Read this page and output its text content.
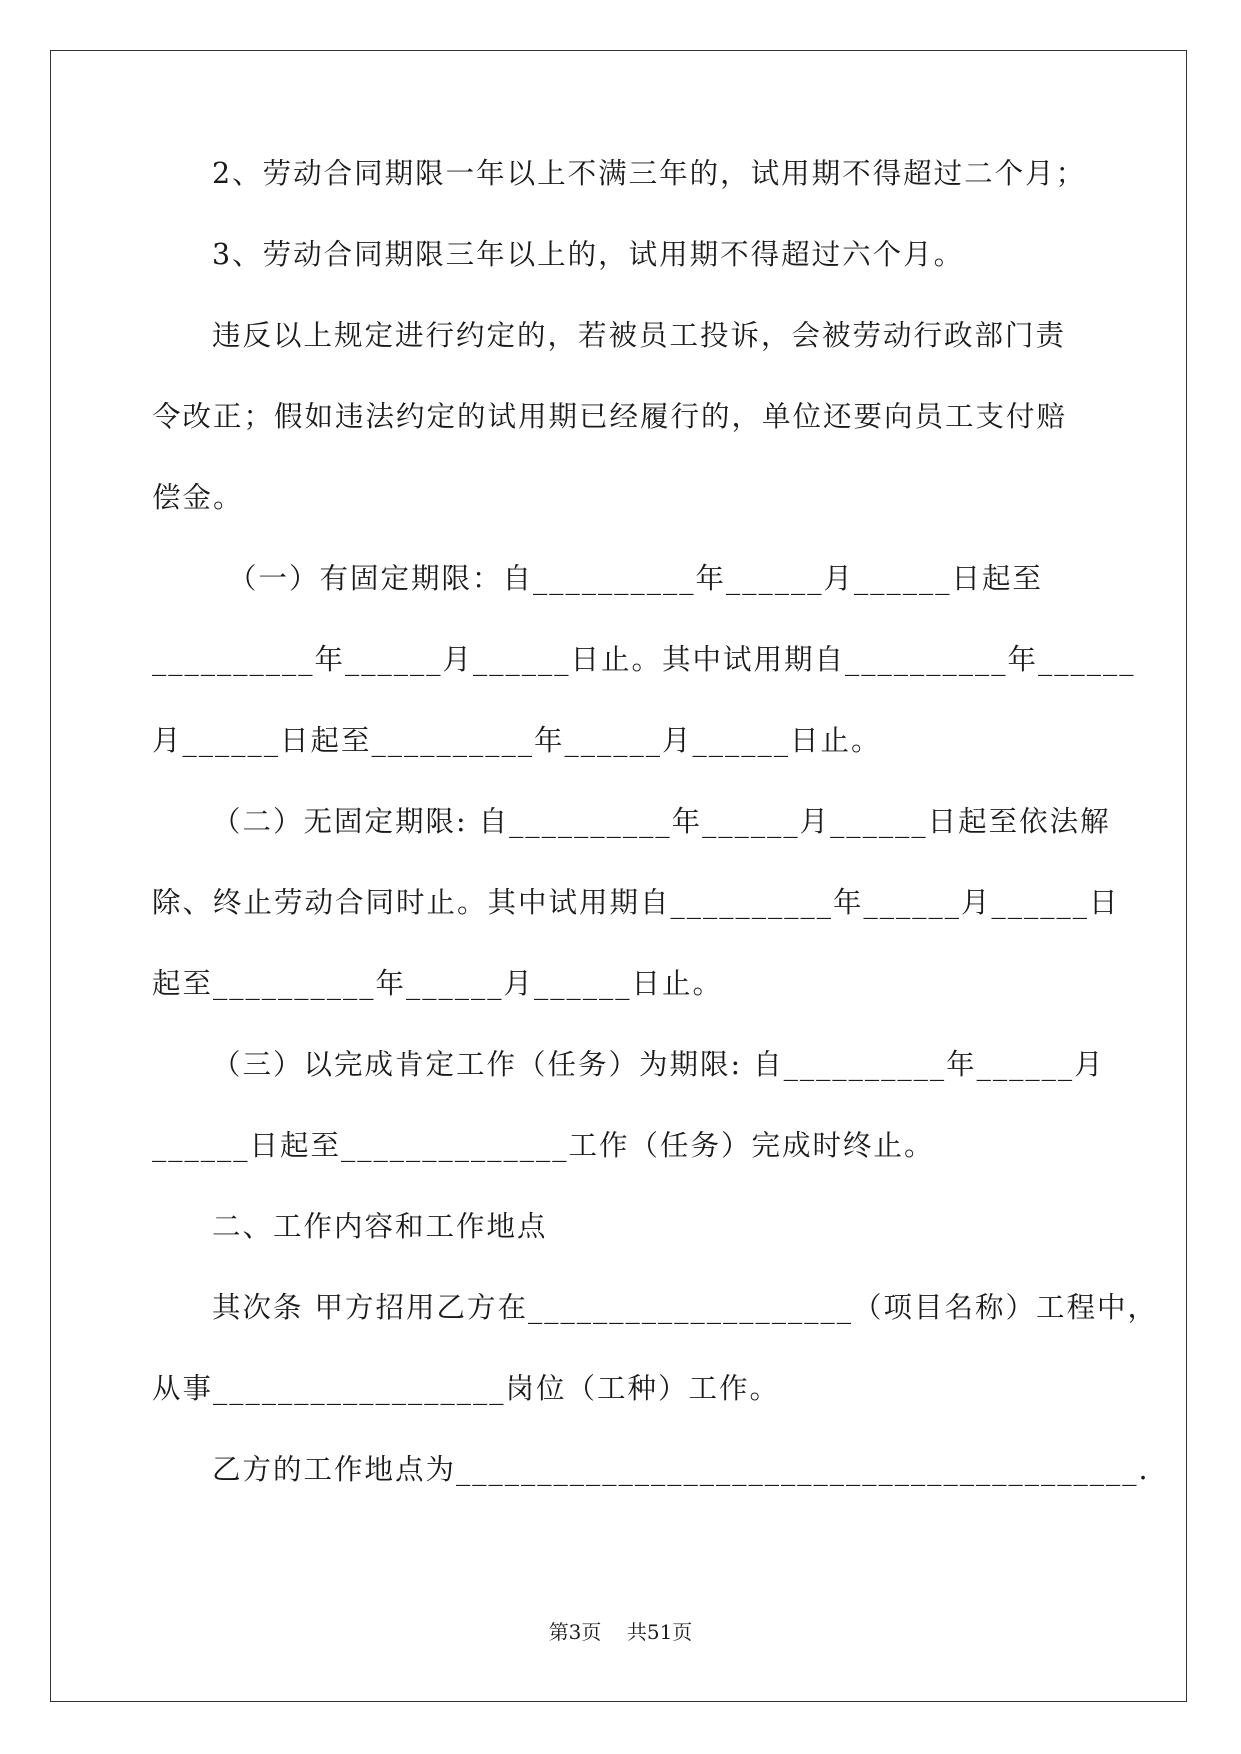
2、劳动合同期限一年以上不满三年的，试用期不得超过二个月；
3、劳动合同期限三年以上的，试用期不得超过六个月。
违反以上规定进行约定的，若被员工投诉，会被劳动行政部门责
令改正；假如违法约定的试用期已经履行的，单位还要向员工支付赔
偿金。
（一）有固定期限：自__________年______月______日起至
__________年______月______日止。其中试用期自__________年______
月______日起至__________年______月______日止。
（二）无固定期限: 自__________年______月______日起至依法解
除、终止劳动合同时止。其中试用期自__________年______月______日
起至__________年______月______日止。
（三）以完成肯定工作（任务）为期限: 自__________年______月
______日起至______________工作（任务）完成时终止。
二、工作内容和工作地点
其次条 甲方招用乙方在____________________（项目名称）工程中，
从事__________________岗位（工种）工作。
乙方的工作地点为__________________________________________.
第3页 共51页
